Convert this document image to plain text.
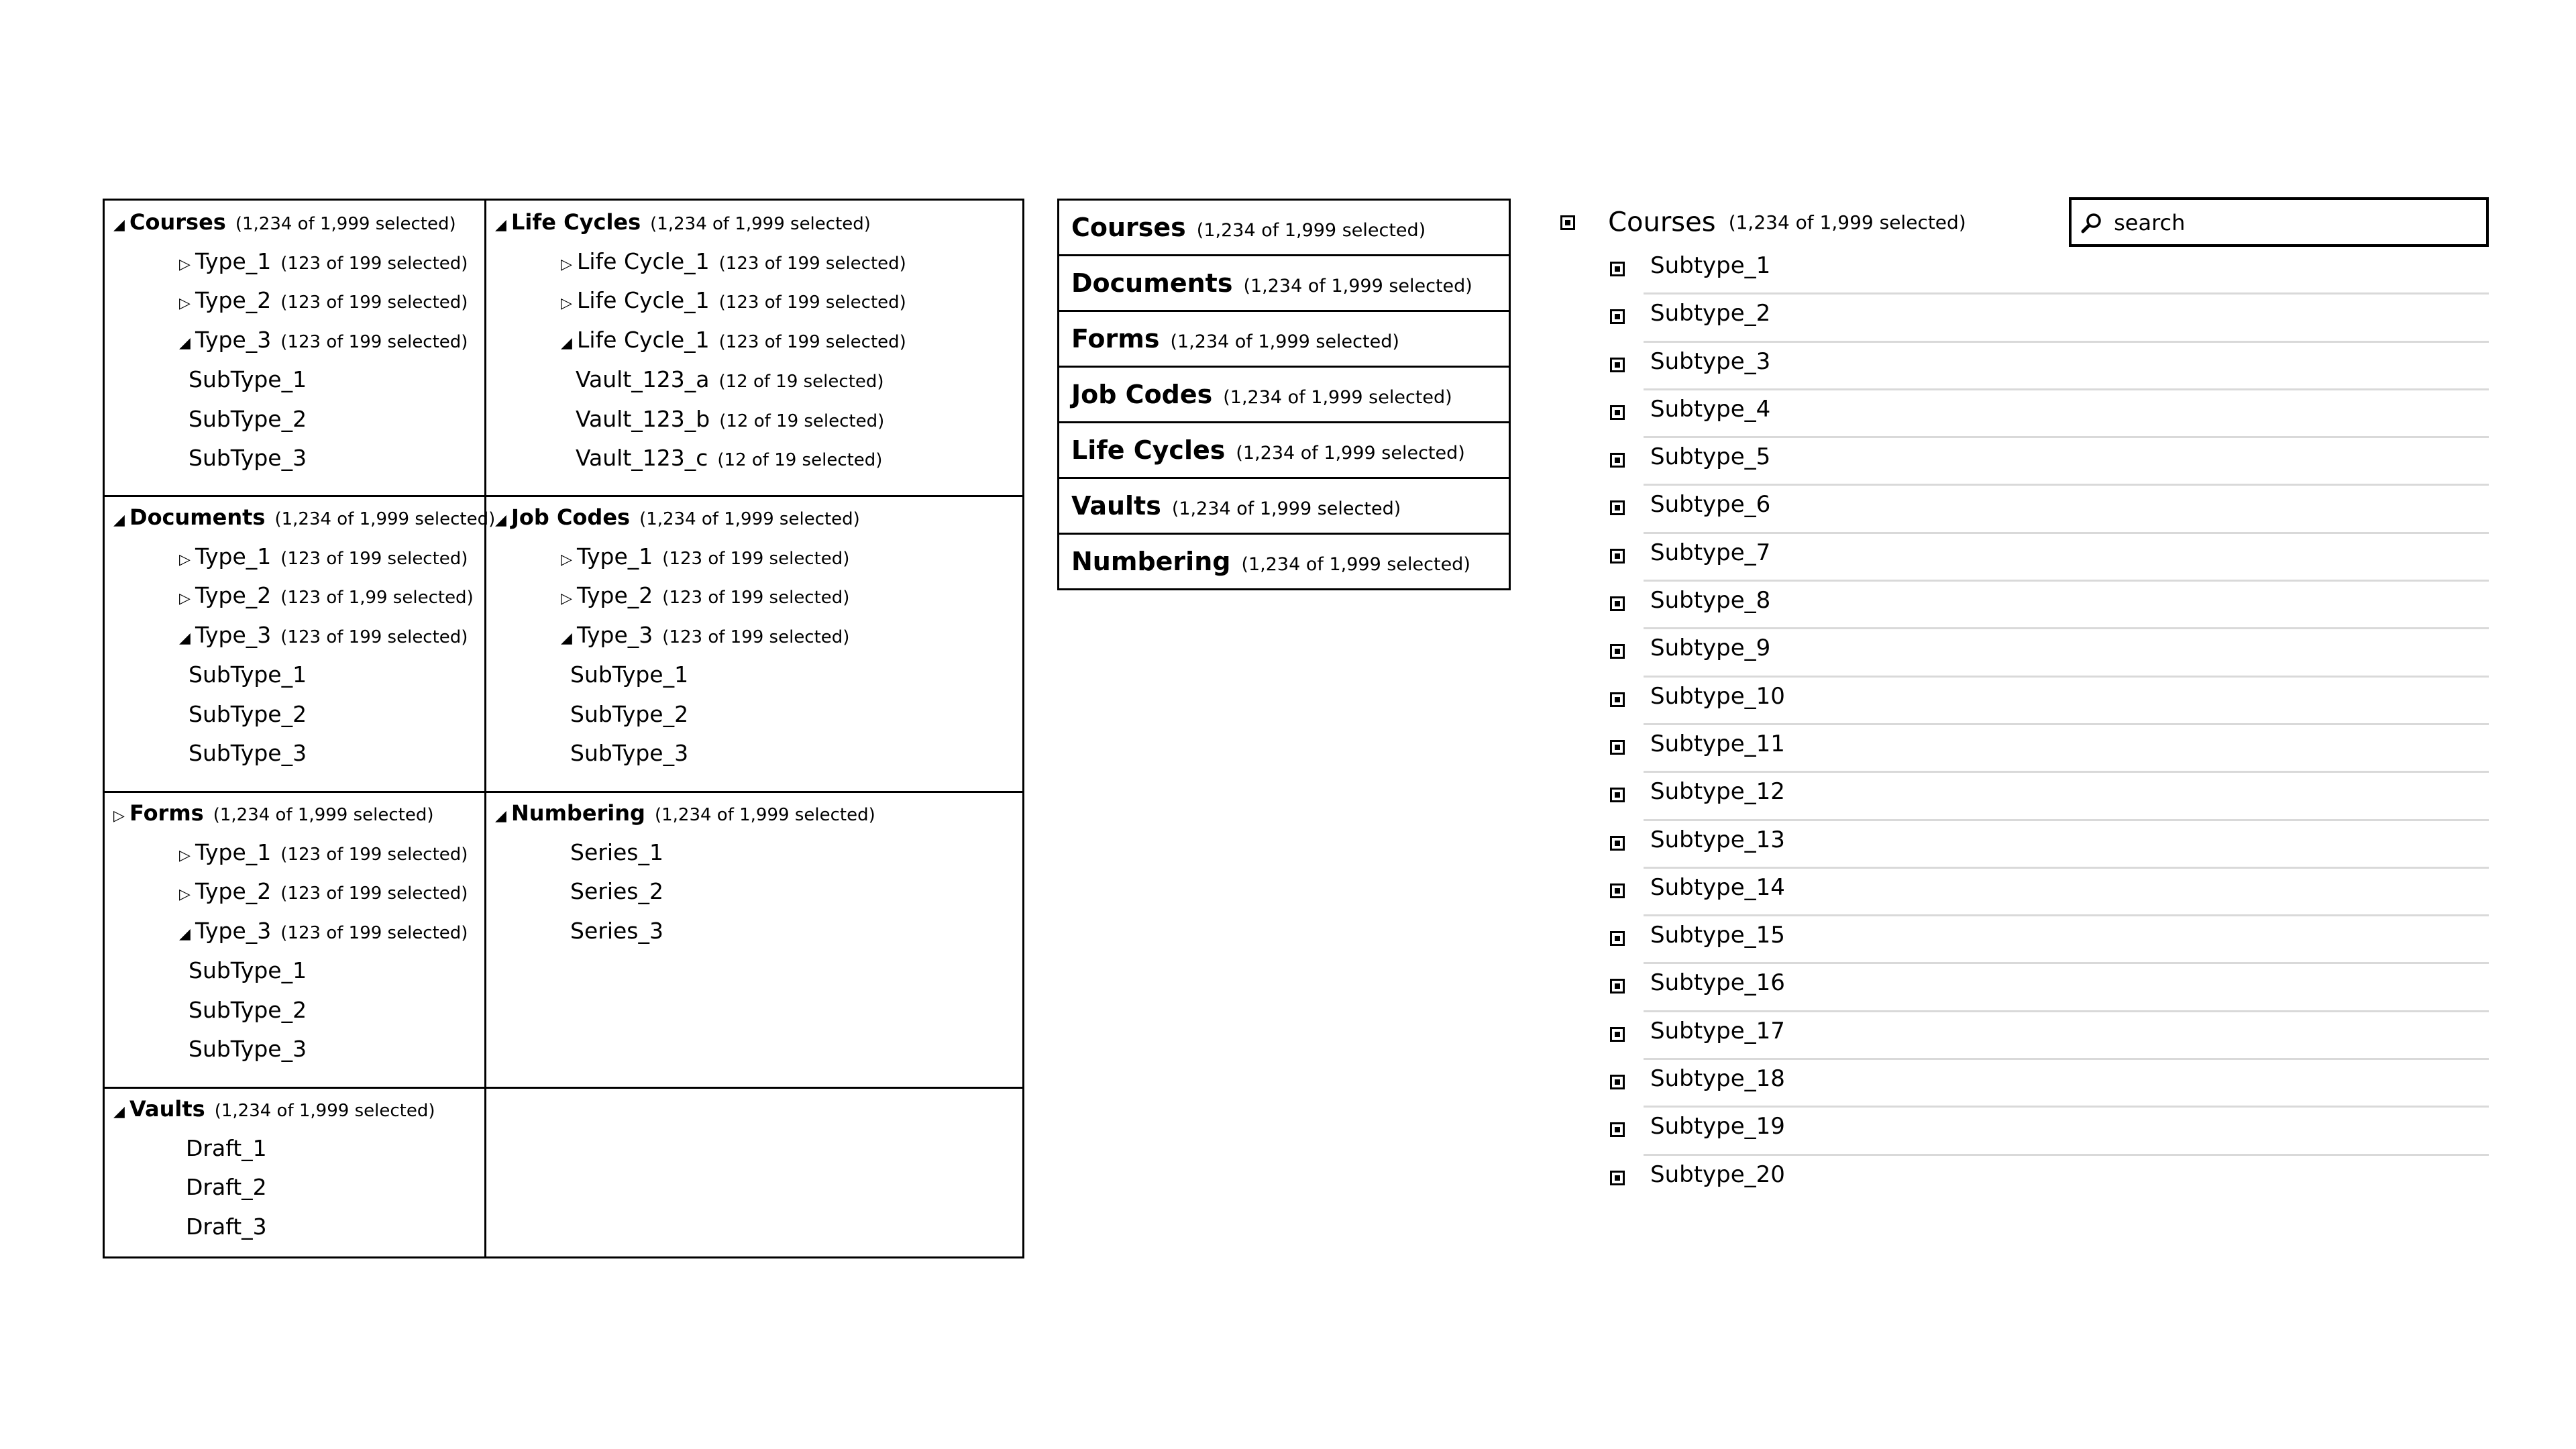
◢ Courses (1,234 of 1,999 selected)
▷ Type_1 (123 of 199 selected)
▷ Type_2 (123 of 199 selected)
◢ Type_3 (123 of 199 selected)
SubType_1
SubType_2
SubType_3
◢ Life Cycles (1,234 of 1,999 selected)
▷ Life Cycle_1 (123 of 199 selected)
▷ Life Cycle_1 (123 of 199 selected)
◢ Life Cycle_1 (123 of 199 selected)
Vault_123_a (12 of 19 selected)
Vault_123_b (12 of 19 selected)
Vault_123_c (12 of 19 selected)
◢ Documents (1,234 of 1,999 selected)
▷ Type_1 (123 of 199 selected)
▷ Type_2 (123 of 1,99 selected)
◢ Type_3 (123 of 199 selected)
SubType_1
SubType_2
SubType_3
◢ Job Codes (1,234 of 1,999 selected)
▷ Type_1 (123 of 199 selected)
▷ Type_2 (123 of 199 selected)
◢ Type_3 (123 of 199 selected)
SubType_1
SubType_2
SubType_3
▷ Forms (1,234 of 1,999 selected)
▷ Type_1 (123 of 199 selected)
▷ Type_2 (123 of 199 selected)
◢ Type_3 (123 of 199 selected)
SubType_1
SubType_2
SubType_3
◢ Numbering (1,234 of 1,999 selected)
Series_1
Series_2
Series_3
◢ Vaults (1,234 of 1,999 selected)
Draft_1
Draft_2
Draft_3
Courses (1,234 of 1,999 selected)
Documents (1,234 of 1,999 selected)
Forms (1,234 of 1,999 selected)
Job Codes (1,234 of 1,999 selected)
Life Cycles (1,234 of 1,999 selected)
Vaults (1,234 of 1,999 selected)
Numbering (1,234 of 1,999 selected)
Courses (1,234 of 1,999 selected)
search
Subtype_1
Subtype_2
Subtype_3
Subtype_4
Subtype_5
Subtype_6
Subtype_7
Subtype_8
Subtype_9
Subtype_10
Subtype_11
Subtype_12
Subtype_13
Subtype_14
Subtype_15
Subtype_16
Subtype_17
Subtype_18
Subtype_19
Subtype_20
